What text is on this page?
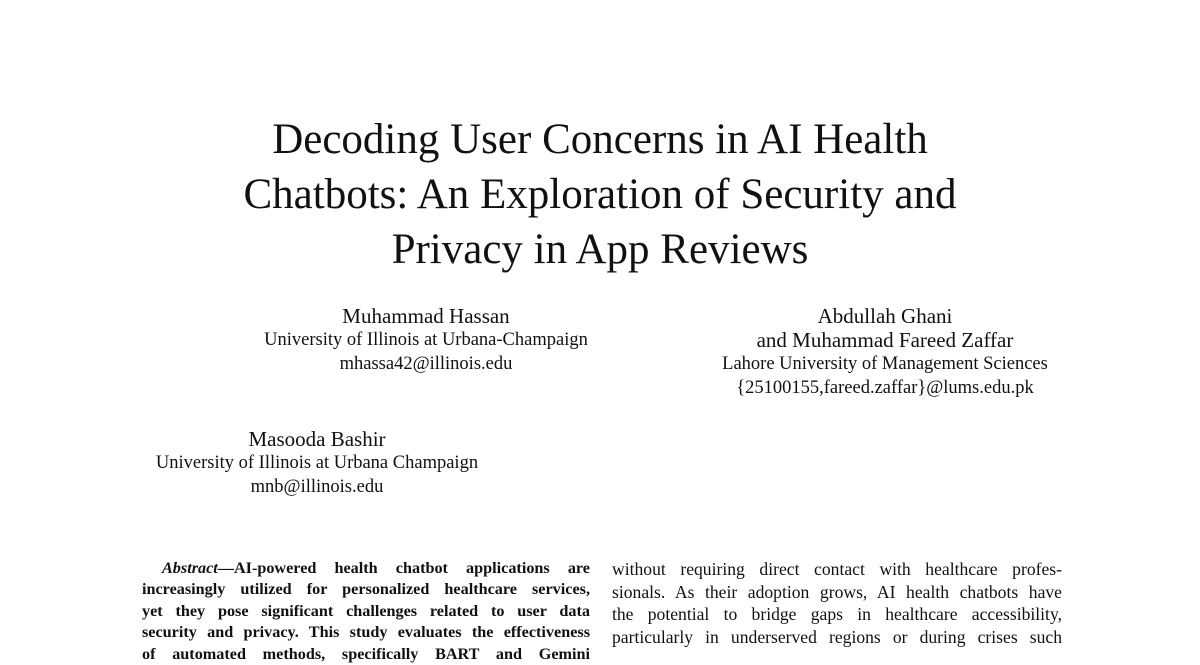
Decoding User Concerns in AI Health
Chatbots: An Exploration of Security and
Privacy in App Reviews
Muhammad Hassan
University of Illinois at Urbana-Champaign
mhassa42@illinois.edu
Abdullah Ghani
and Muhammad Fareed Zaffar
Lahore University of Management Sciences
{25100155,fareed.zaffar}@lums.edu.pk
Masooda Bashir
University of Illinois at Urbana Champaign
mnb@illinois.edu
Abstract—AI-powered health chatbot applications are
increasingly utilized for personalized healthcare services,
yet they pose significant challenges related to user data
security and privacy. This study evaluates the effectiveness
of automated methods, specifically BART and Gemini
without requiring direct contact with healthcare profes-
sionals. As their adoption grows, AI health chatbots have
the potential to bridge gaps in healthcare accessibility,
particularly in underserved regions or during crises such
